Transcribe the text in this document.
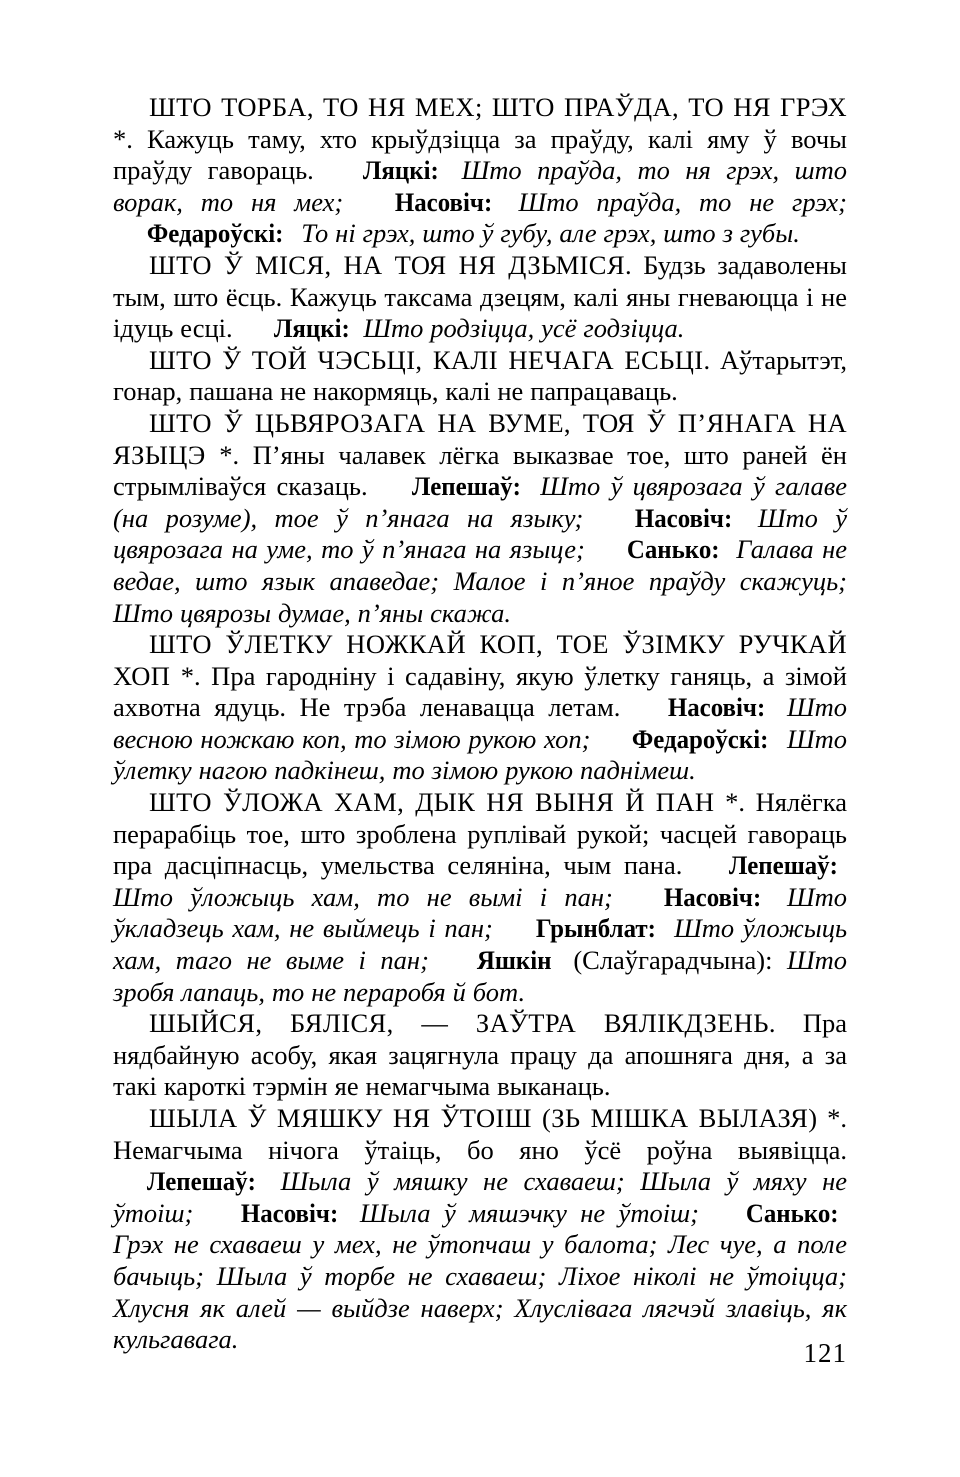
ШТО ТОРБА, ТО НЯ МЕХ; ШТО ПРАЎДА, ТО НЯ ГРЭХ *. Кажуць таму, хто крыўдзіцца за праўду, калі яму ў вочы праўду гавораць. Ляцкі: Што праўда, то ня грэх, што ворак, то ня мех; Насовіч: Што праўда, то не грэх; Федароўскі: То ні грэх, што ў губу, але грэх, што з губы.

ШТО Ў МІСЯ, НА ТОЯ НЯ ДЗЬМІСЯ. Будзь задаволены тым, што ёсць. Кажуць таксама дзецям, калі яны гневаюцца і не ідуць есці. Ляцкі: Што родзіцца, усё годзіцца.

ШТО Ў ТОЙ ЧЭСЬЦІ, КАЛІ НЕЧАГА ЕСЬЦІ. Аўтарытэт, гонар, пашана не накормяць, калі не папрацаваць.

ШТО Ў ЦЬВЯРОЗАГА НА ВУМЕ, ТОЯ Ў П’ЯНАГА НА ЯЗЫЦЭ *. П’яны чалавек лёгка выказвае тое, што раней ён стрымліваўся сказаць. Лепешаў: Што ў цвярозага ў галаве (на розуме), тое ў п’янага на языку; Насовіч: Што ў цвярозага на уме, то ў п’янага на языце; Санько: Галава не ведае, што язык апаведае; Малое і п’яное праўду скажуць; Што цвярозы думае, п’яны скажа.

ШТО ЎЛЕТКУ НОЖКАЙ КОП, ТОЕ ЎЗІМКУ РУЧКАЙ ХОП *. Пра гародніну і садавіну, якую ўлетку ганяць, а зімой ахвотна ядуць. Не трэба ленавацца летам. Насовіч: Што весною ножкаю коп, то зімою рукою хоп; Федароўскі: Што ўлетку нагою падкінеш, то зімою рукою паднімеш.

ШТО ЎЛОЖА ХАМ, ДЫК НЯ ВЫНЯ Й ПАН *. Нялёгка перарабіць тое, што зроблена руплівай рукой; часцей гавораць пра дасціпнасць, умельства селяніна, чым пана. Лепешаў: Што ўложыць хам, то не вымі і пан; Насовіч: Што ўкладзець хам, не выймець і пан; Грынблат: Што ўложыць хам, таго не выме і пан; Яшкін (Слаўгарадчына): Што зробя лапаць, то не пераробя й бот.

ШЫЙСЯ, БЯЛІСЯ, — ЗАЎТРА ВЯЛІКДЗЕНЬ. Пра нядбайную асобу, якая зацягнула працу да апошняга дня, а за такі кароткі тэрмін яе немагчыма выканаць.

ШЫЛА Ў МЯШКУ НЯ ЎТОІШ (ЗЬ МІШКА ВЫЛАЗЯ) *. Немагчыма нічога ўтаіць, бо яно ўсё роўна выявіцца. Лепешаў: Шыла ў мяшку не схаваеш; Шыла ў мяху не ўтоіш; Насовіч: Шыла ў мяшэчку не ўтоіш; Санько: Грэх не схаваеш у мех, не ўтопчаш у балота; Лес чуе, а поле бачыць; Шыла ў торбе не схаваеш; Ліхое ніколі не ўтоіцца; Хлусня як алей — выйдзе наверх; Хлуслівага лягчэй злавіць, як кульгавага.	121
